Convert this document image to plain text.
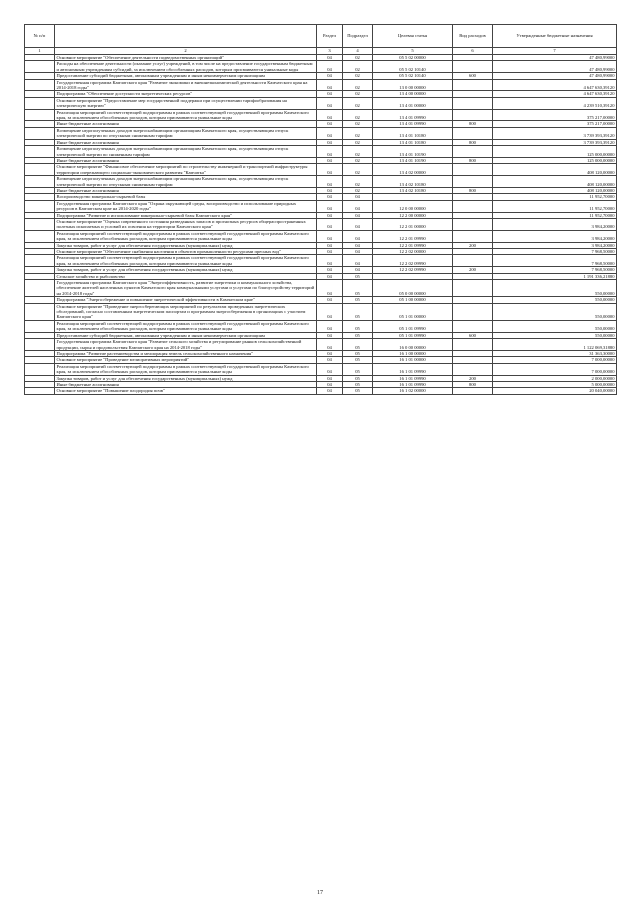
№ п/п		Раздел	Подраздел	Целевая статья	Вид расходов	Утвержденные бюджетные назначения
1	2	3	4	5	6	7
	Основное мероприятие "Обеспечение деятельности подведомственных организаций"	04	02	05 5 02 00000		47 480,99000
	Расходы на обеспечение деятельности (оказание услуг) учреждений, в том числе на предоставление государственным бюджетным и автономным учреждениям субсидий, за исключением обособленных расходов, которым присваиваются уникальные коды	04	02	05 5 02 10140		47 480,99000
	Предоставление субсидий бюджетным, автономным учреждениям и иным некоммерческим организациям	04	02	05 5 02 10140	600	47 480,99000
	Государственная программа Камчатского края "Развитие экономики и внешнеэкономической деятельности Камчатского края на 2014-2018 годы"	04	02	13 0 00 00000		4 647 630,39120
	Подпрограмма "Обеспечение доступности энергетических ресурсов"	04	02	13 4 00 00000		4 647 630,39120
	Основное мероприятие "Предоставление мер государственной поддержки при осуществлении тарифообразования на электрическую энергию"	04	02	13 4 01 00000		4 239 510,39120
	Реализация мероприятий соответствующей подпрограммы в рамках соответствующей государственной программы Камчатского края, за исключением обособленных расходов, которым присваиваются уникальные коды	04	02	13 4 01 09990		375 217,00000
	Иные бюджетные ассигнования	04	02	13 4 01 09990	800	375 217,00000
	Возмещение недополученных доходов энергоснабжающим организациям Камчатского края, осуществляющим отпуск электрической энергии по отпускным сниженным тарифам	04	02	13 4 01 10180		3 739 393,39120
	Иные бюджетные ассигнования	04	02	13 4 01 10180	800	3 739 393,39120
	Возмещение недополученных доходов энергоснабжающим организациям Камчатского края, осуществляющим отпуск электрической энергии по сниженным тарифам	04	02	13 4 01 10190		125 000,00000
	Иные бюджетные ассигнования	04	02	13 4 01 10190	800	125 000,00000
	Основное мероприятие "Финансовое обеспечение мероприятий по строительству инженерной и транспортной инфраструктуры территории опережающего социально-экономического развития "Камчатка"	04	02	13 4 02 00000		408 120,00000
	Возмещение недополученных доходов энергоснабжающим организациям Камчатского края, осуществляющим отпуск электрической энергии по отпускным сниженным тарифам	04	02	13 4 02 10180		408 120,00000
	Иные бюджетные ассигнования	04	02	13 4 02 10180	800	408 120,00000
	Воспроизводство минерально-сырьевой базы	04	04			11 952,70000
	Государственная программа Камчатского края "Охрана окружающей среды, воспроизводство и использование природных ресурсов в Камчатском крае на 2014-2020 годы"	04	04	12 0 00 00000		11 952,70000
	Подпрограмма "Развитие и использование минерально-сырьевой базы Камчатского края"	04	04	12 2 00 00000		11 952,70000
	Основное мероприятие "Оценка современного состояния разведанных запасов и прогнозных ресурсов общераспространенных полезных ископаемых и условий их освоения на территории Камчатского края"	04	04	12 2 01 00000		3 984,20000
	Реализация мероприятий соответствующей подпрограммы в рамках соответствующей государственной программы Камчатского края, за исключением обособленных расходов, которым присваиваются уникальные коды	04	04	12 2 01 09990		3 984,20000
	Закупка товаров, работ и услуг для обеспечения государственных (муниципальных) нужд	04	04	12 2 01 09990	200	3 984,20000
	Основное мероприятие "Обеспечение снабжения населения в объектов промышленности ресурсами пресных вод"	04	04	12 2 02 00000		7 968,50000
	Реализация мероприятий соответствующей подпрограммы в рамках соответствующей государственной программы Камчатского края, за исключением обособленных расходов, которым присваиваются уникальные коды	04	04	12 2 02 09990		7 968,50000
	Закупка товаров, работ и услуг для обеспечения государственных (муниципальных) нужд	04	04	12 2 02 09990	200	7 968,50000
	Сельское хозяйство и рыболовство	04	05			1 191 336,21880
	Государственная программа Камчатского края "Энергоэффективность, развитие энергетики и коммунального хозяйства, обеспечение жителей населенных пунктов Камчатского края коммунальными услугами и услугами по благоустройству территорий на 2014-2018 годы"	04	05	05 0 00 00000		550,00000
	Подпрограмма "Энергосбережение и повышение энергетической эффективности в Камчатском крае"	04	05	05 1 00 00000		550,00000
	Основное мероприятие "Проведение энергосберегающих мероприятий по результатам проведенных энергетических обследований, согласно составленным энергетическим паспортам и программам энергосбережения в организациях с участием Камчатского края"	04	05	05 1 01 00000		550,00000
	Реализация мероприятий соответствующей подпрограммы в рамках соответствующей государственной программы Камчатского края, за исключением обособленных расходов, которым присваиваются уникальные коды	04	05	05 1 01 09990		550,00000
	Предоставление субсидий бюджетным, автономным учреждениям и иным некоммерческим организациям	04	05	05 1 01 09990	600	550,00000
	Государственная программа Камчатского края "Развитие сельского хозяйства и регулирование рынков сельскохозяйственной продукции, сырья и продовольствия Камчатского края на 2014-2018 годы"	04	05	16 0 00 00000		1 122 069,31880
	Подпрограмма "Развитие растениеводства и мелиорация земель сельскохозяйственного назначения"	04	05	16 1 00 00000		31 363,30000
	Основное мероприятие "Проведение мелиоративных мероприятий"	04	05	16 1 01 00000		7 000,00000
	Реализация мероприятий соответствующей подпрограммы в рамках соответствующей государственной программы Камчатского края, за исключением обособленных расходов, которым присваиваются уникальные коды	04	05	16 1 01 09990		7 000,00000
	Закупка товаров, работ и услуг для обеспечения государственных (муниципальных) нужд	04	05	16 1 01 09990	200	2 000,00000
	Иные бюджетные ассигнования	04	05	16 1 01 09990	800	5 000,00000
	Основное мероприятие "Повышение плодородия почв"	04	05	16 1 02 00000		20 040,00000
17
